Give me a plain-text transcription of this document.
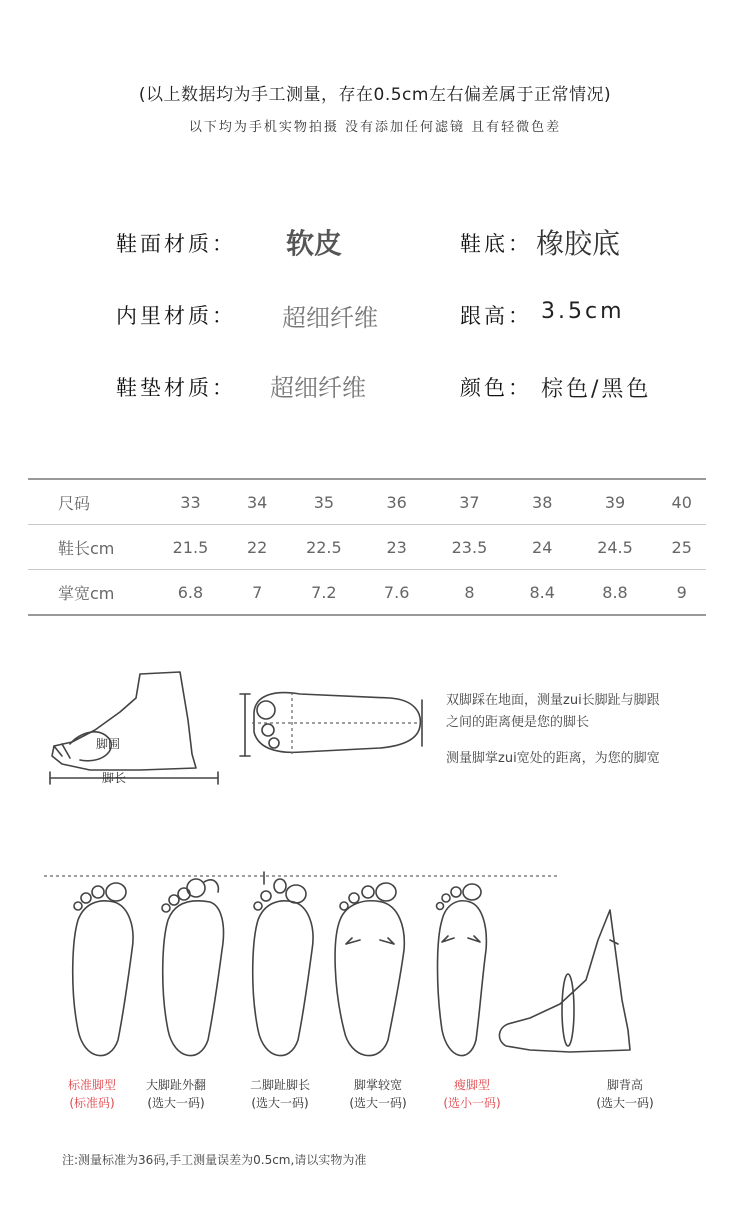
(以上数据均为手工测量，存在0.5cm左右偏差属于正常情况)
以下均为手机实物拍摄 没有添加任何滤镜 且有轻微色差
鞋面材质： 软皮	鞋底： 橡胶底
内里材质： 超细纤维	跟高： 3.5cm
鞋垫材质： 超细纤维	颜色： 棕色/黑色
尺码	33	34	35	36	37	38	39	40
鞋长cm	21.5	22	22.5	23	23.5	24	24.5	25
掌宽cm	6.8	7	7.2	7.6	8	8.4	8.8	9
脚围
脚长
双脚踩在地面，测量zui长脚趾与脚跟
之间的距离便是您的脚长
测量脚掌zui宽处的距离，为您的脚宽
标准脚型
(标准码)
大脚趾外翻
(选大一码)
二脚趾脚长
(选大一码)
脚掌较宽
(选大一码)
瘦脚型
(选小一码)
脚背高
(选大一码)
注:测量标准为36码,手工测量误差为0.5cm,请以实物为准
